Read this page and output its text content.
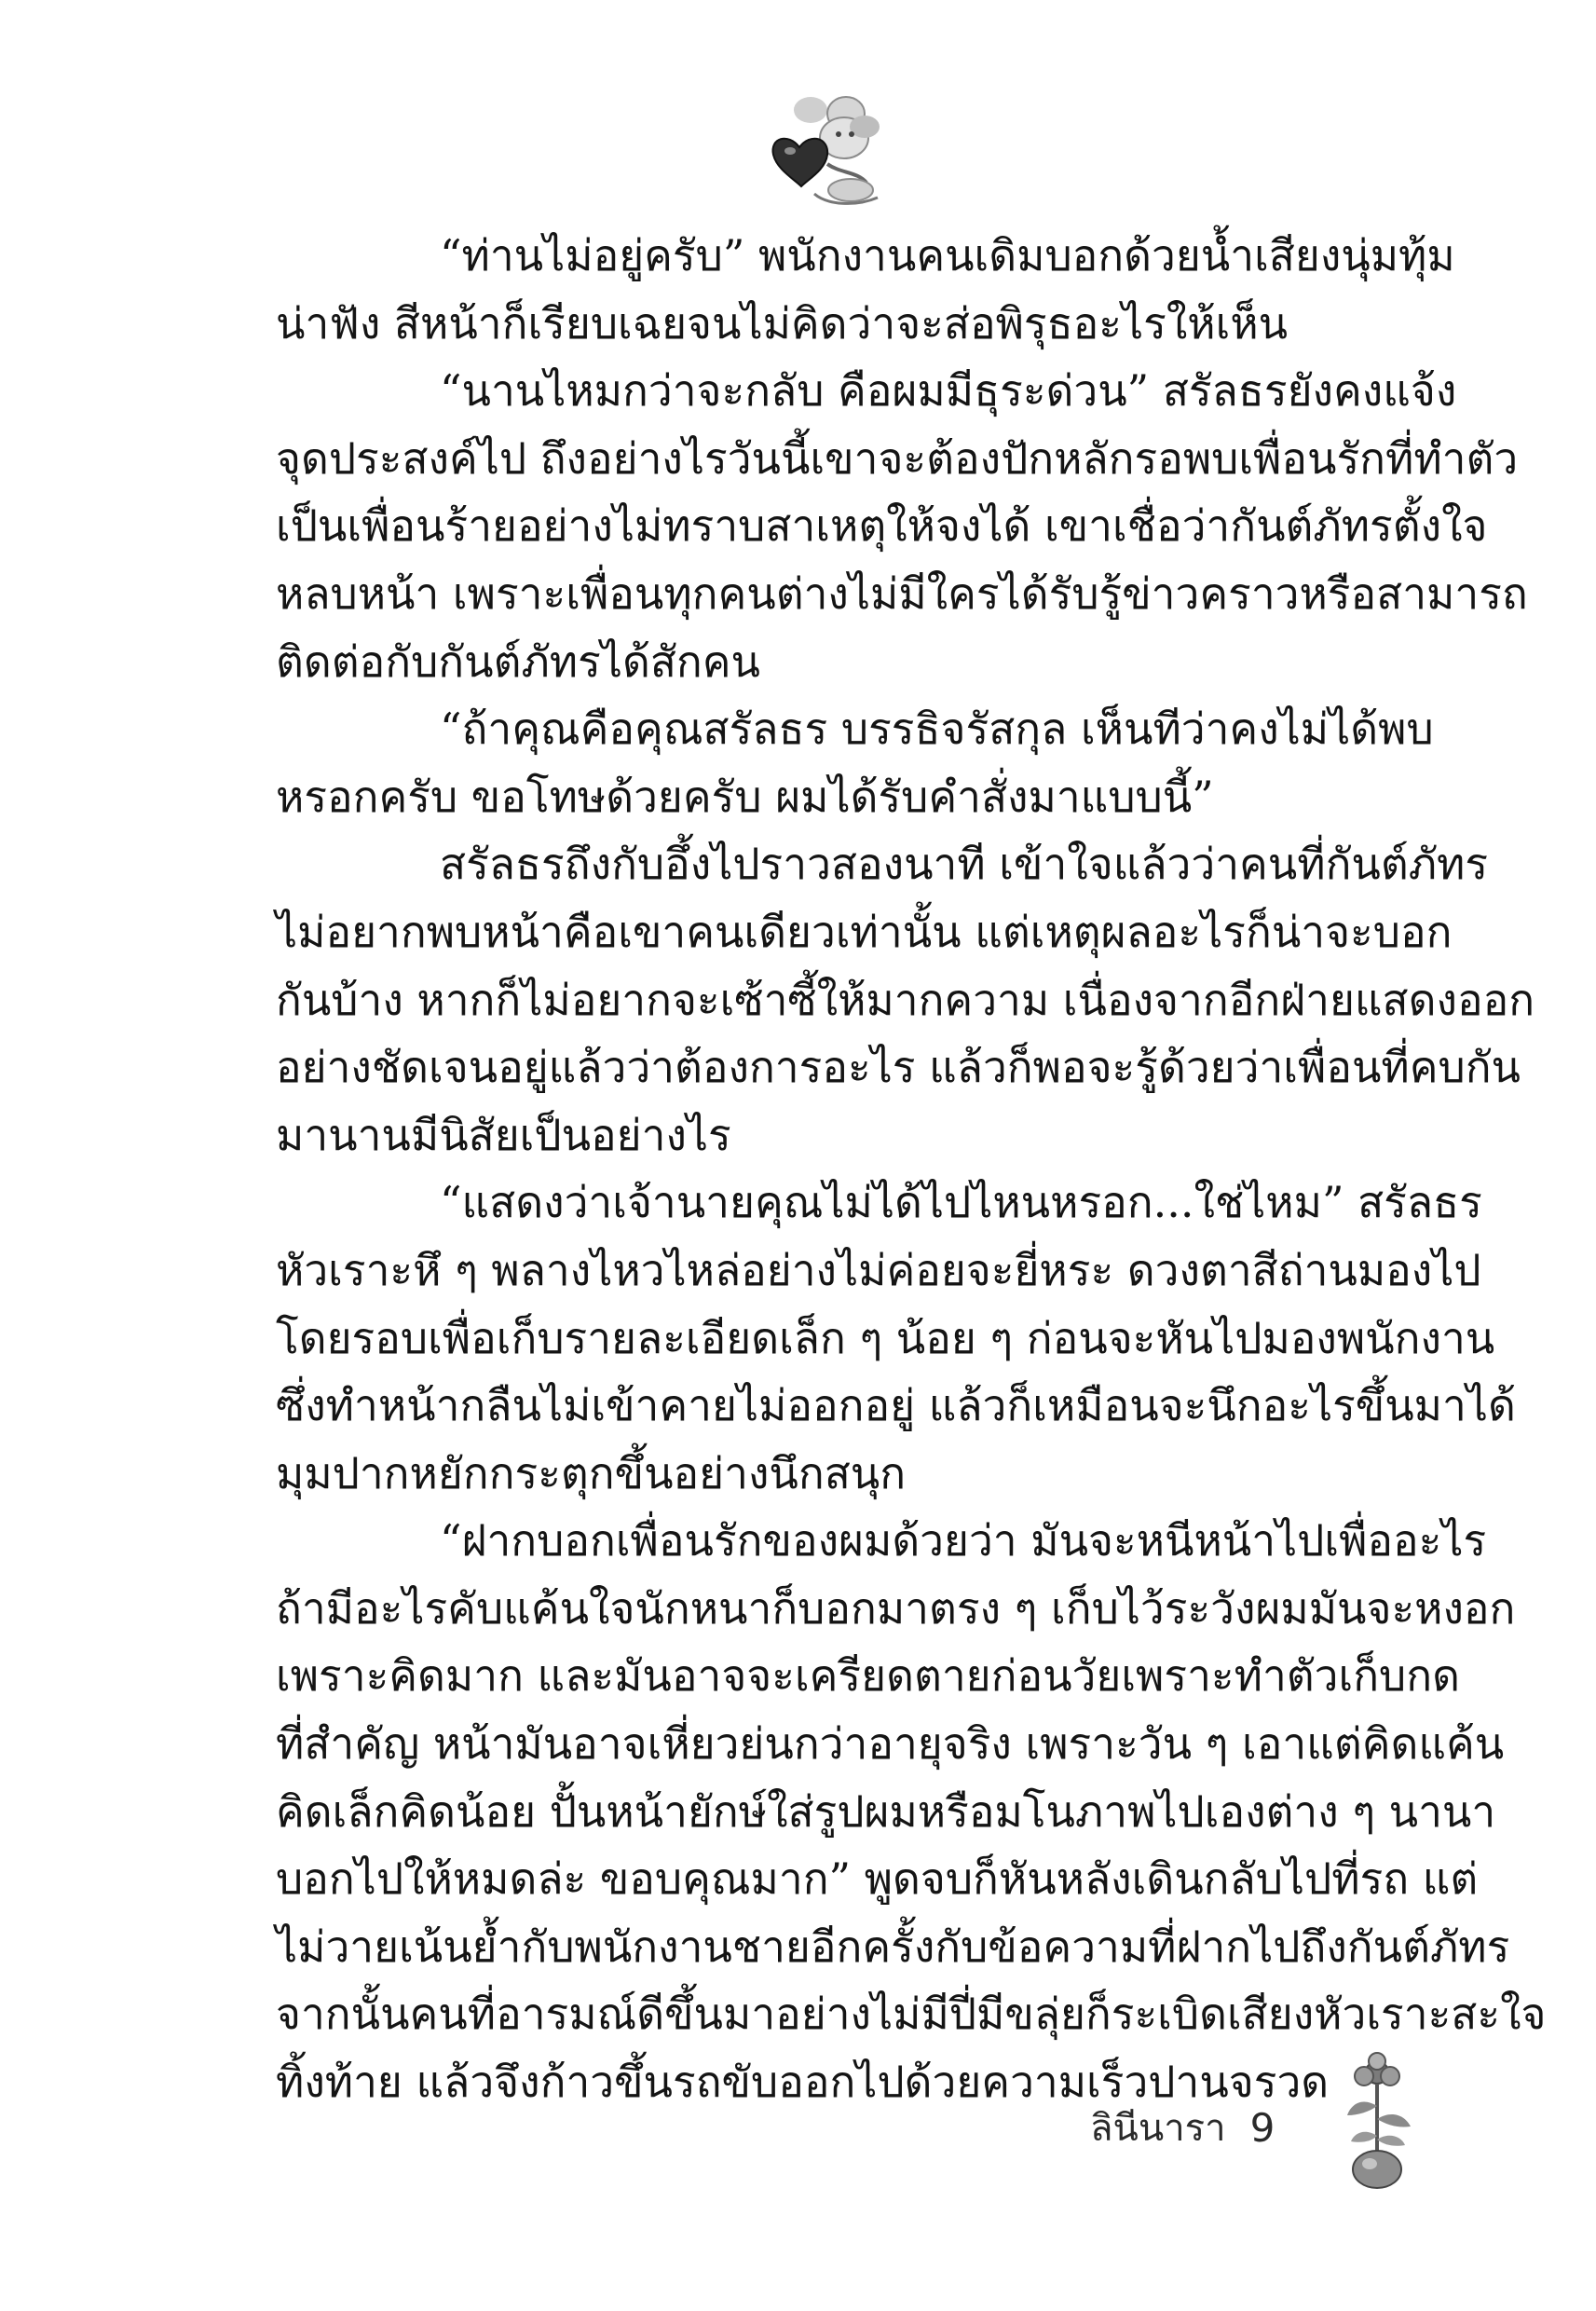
“ท่านไม่อยู่ครับ” พนักงานคนเดิมบอกด้วยน้ำเสียงนุ่มทุ้ม
น่าฟัง สีหน้าก็เรียบเฉยจนไม่คิดว่าจะส่อพิรุธอะไรให้เห็น
“นานไหมกว่าจะกลับ คือผมมีธุระด่วน” สรัลธรยังคงแจ้ง
จุดประสงค์ไป ถึงอย่างไรวันนี้เขาจะต้องปักหลักรอพบเพื่อนรักที่ทำตัว
เป็นเพื่อนร้ายอย่างไม่ทราบสาเหตุให้จงได้ เขาเชื่อว่ากันต์ภัทรตั้งใจ
หลบหน้า เพราะเพื่อนทุกคนต่างไม่มีใครได้รับรู้ข่าวคราวหรือสามารถ
ติดต่อกับกันต์ภัทรได้สักคน
“ถ้าคุณคือคุณสรัลธร บรรธิจรัสกุล เห็นทีว่าคงไม่ได้พบ
หรอกครับ ขอโทษด้วยครับ ผมได้รับคำสั่งมาแบบนี้”
สรัลธรถึงกับอึ้งไปราวสองนาที เข้าใจแล้วว่าคนที่กันต์ภัทร
ไม่อยากพบหน้าคือเขาคนเดียวเท่านั้น แต่เหตุผลอะไรก็น่าจะบอก
กันบ้าง หากก็ไม่อยากจะเซ้าซี้ให้มากความ เนื่องจากอีกฝ่ายแสดงออก
อย่างชัดเจนอยู่แล้วว่าต้องการอะไร แล้วก็พอจะรู้ด้วยว่าเพื่อนที่คบกัน
มานานมีนิสัยเป็นอย่างไร
“แสดงว่าเจ้านายคุณไม่ได้ไปไหนหรอก...ใช่ไหม” สรัลธร
หัวเราะหึ ๆ พลางไหวไหล่อย่างไม่ค่อยจะยี่หระ ดวงตาสีถ่านมองไป
โดยรอบเพื่อเก็บรายละเอียดเล็ก ๆ น้อย ๆ ก่อนจะหันไปมองพนักงาน
ซึ่งทำหน้ากลืนไม่เข้าคายไม่ออกอยู่ แล้วก็เหมือนจะนึกอะไรขึ้นมาได้
มุมปากหยักกระตุกขึ้นอย่างนึกสนุก
“ฝากบอกเพื่อนรักของผมด้วยว่า มันจะหนีหน้าไปเพื่ออะไร
ถ้ามีอะไรคับแค้นใจนักหนาก็บอกมาตรง ๆ เก็บไว้ระวังผมมันจะหงอก
เพราะคิดมาก และมันอาจจะเครียดตายก่อนวัยเพราะทำตัวเก็บกด
ที่สำคัญ หน้ามันอาจเหี่ยวย่นกว่าอายุจริง เพราะวัน ๆ เอาแต่คิดแค้น
คิดเล็กคิดน้อย ปั้นหน้ายักษ์ใส่รูปผมหรือมโนภาพไปเองต่าง ๆ นานา
บอกไปให้หมดล่ะ ขอบคุณมาก” พูดจบก็หันหลังเดินกลับไปที่รถ แต่
ไม่วายเน้นย้ำกับพนักงานชายอีกครั้งกับข้อความที่ฝากไปถึงกันต์ภัทร
จากนั้นคนที่อารมณ์ดีขึ้นมาอย่างไม่มีปี่มีขลุ่ยก็ระเบิดเสียงหัวเราะสะใจ
ทิ้งท้าย แล้วจึงก้าวขึ้นรถขับออกไปด้วยความเร็วปานจรวด
ลินีนารา 9
